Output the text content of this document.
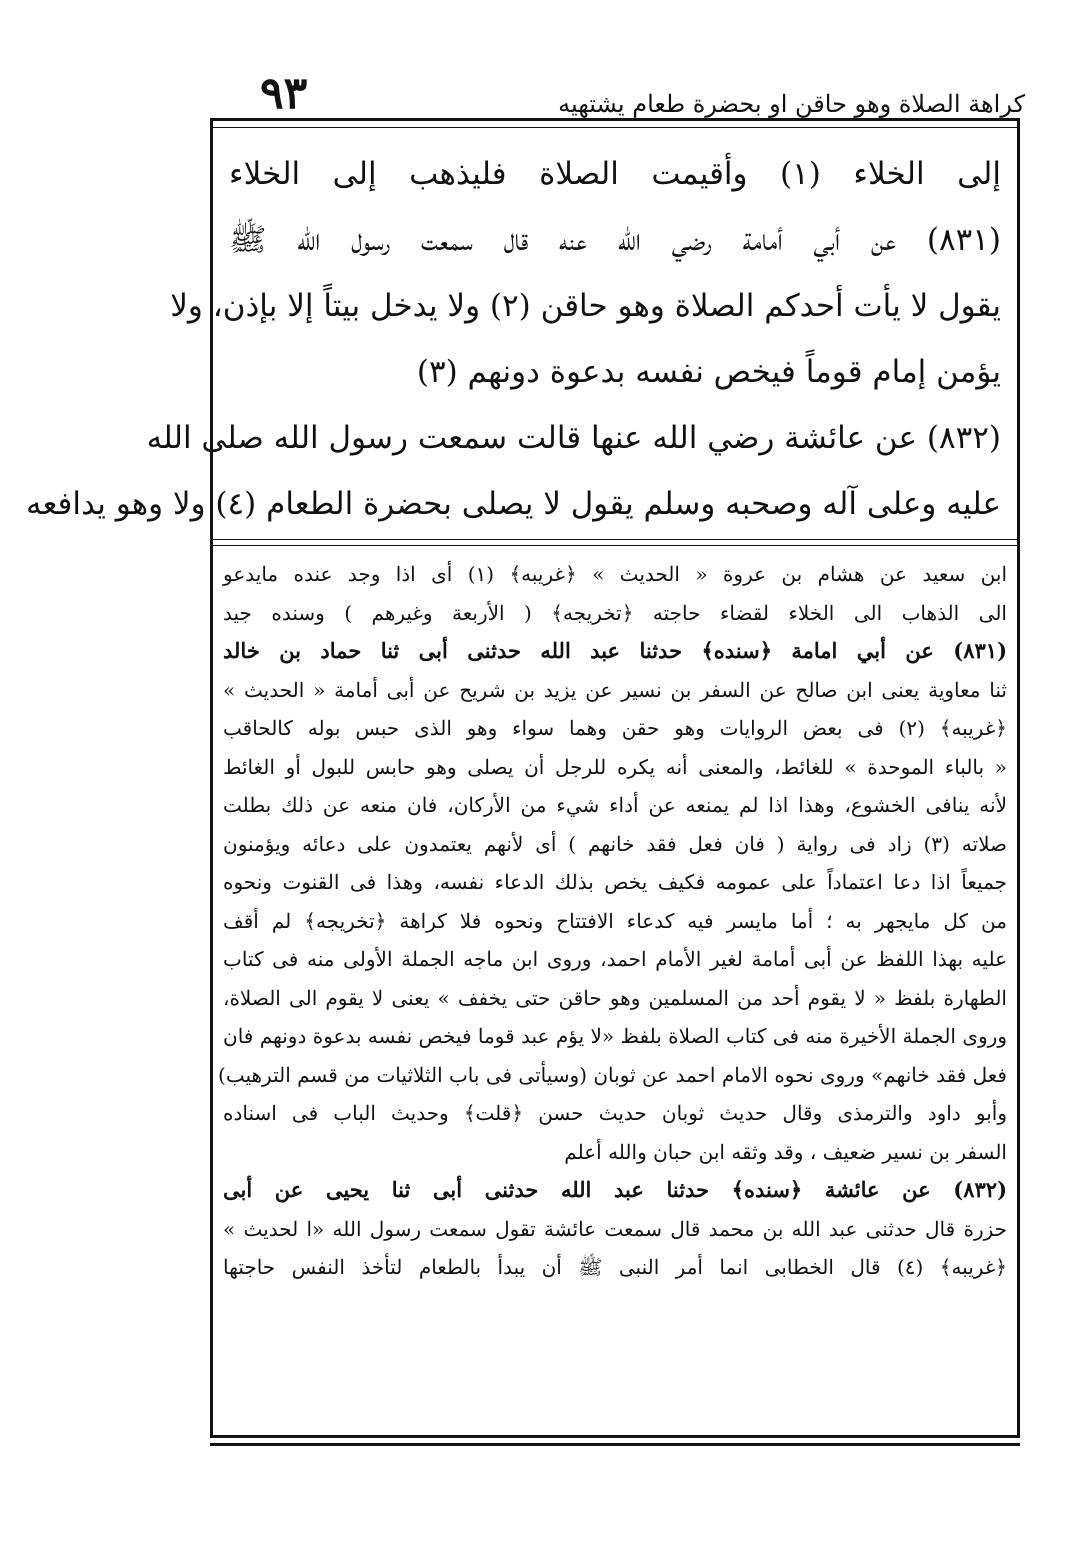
٩٣	كراهة الصلاة وهو حاقن او بحضرة طعام يشتهيه
إلى الخلاء (١) وأقيمت الصلاة فليذهب إلى الخلاء
(٨٣١) عن أبي أمامة رضي الله عنه قال سمعت رسول الله ﷺ
يقول لا يأت أحدكم الصلاة وهو حاقن (٢) ولا يدخل بيتاً إلا بإذن، ولا
يؤمن إمام قوماً فيخص نفسه بدعوة دونهم (٣)
(٨٣٢) عن عائشة رضي الله عنها قالت سمعت رسول الله صلى الله
عليه وعلى آله وصحبه وسلم يقول لا يصلى بحضرة الطعام (٤) ولا وهو يدافعه
ابن سعيد عن هشام بن عروة « الحديث » ﴿غريبه﴾ (١) أى اذا وجد عنده مايدعو
الى الذهاب الى الخلاء لقضاء حاجته ﴿تخريجه﴾ ( الأربعة وغيرهم ) وسنده جيد
(٨٣١) عن أبي امامة ﴿سنده﴾ حدثنا عبد الله حدثنى أبى ثنا حماد بن خالد
ثنا معاوية يعنى ابن صالح عن السفر بن نسير عن يزيد بن شريح عن أبى أمامة « الحديث »
﴿غريبه﴾ (٢) فى بعض الروايات وهو حقن وهما سواء وهو الذى حبس بوله كالحاقب
« بالباء الموحدة » للغائط، والمعنى أنه يكره للرجل أن يصلى وهو حابس للبول أو الغائط
لأنه ينافى الخشوع، وهذا اذا لم يمنعه عن أداء شيء من الأركان، فان منعه عن ذلك بطلت
صلاته (٣) زاد فى رواية ( فان فعل فقد خانهم ) أى لأنهم يعتمدون على دعائه ويؤمنون
جميعاً اذا دعا اعتماداً على عمومه فكيف يخص بذلك الدعاء نفسه، وهذا فى القنوت ونحوه
من كل مايجهر به ؛ أما مايسر فيه كدعاء الافتتاح ونحوه فلا كراهة ﴿تخريجه﴾ لم أقف
عليه بهذا اللفظ عن أبى أمامة لغير الأمام احمد، وروى ابن ماجه الجملة الأولى منه فى كتاب
الطهارة بلفظ « لا يقوم أحد من المسلمين وهو حاقن حتى يخفف » يعنى لا يقوم الى الصلاة،
وروى الجملة الأخيرة منه فى كتاب الصلاة بلفظ «لا يؤم عبد قوما فيخص نفسه بدعوة دونهم فان
فعل فقد خانهم» وروى نحوه الامام احمد عن ثوبان (وسيأتى فى باب الثلاثيات من قسم الترهيب)
وأبو داود والترمذى وقال حديث ثوبان حديث حسن ﴿قلت﴾ وحديث الباب فى اسناده
السفر بن نسير ضعيف ، وقد وثقه ابن حبان والله أعلم
(٨٣٢) عن عائشة ﴿سنده﴾ حدثنا عبد الله حدثنى أبى ثنا يحيى عن أبى
حزرة قال حدثنى عبد الله بن محمد قال سمعت عائشة تقول سمعت رسول الله «ا لحديث »
﴿غريبه﴾ (٤) قال الخطابى انما أمر النبى ﷺ أن يبدأ بالطعام لتأخذ النفس حاجتها
